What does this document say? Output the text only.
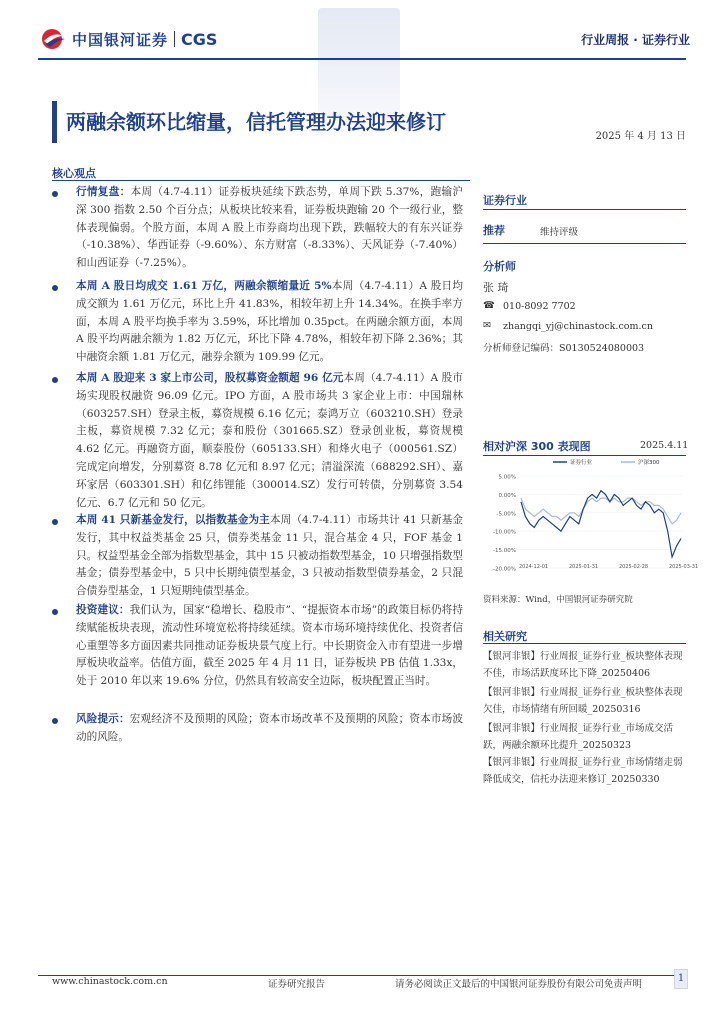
中国银河证券 CGS	行业周报 · 证券行业
两融余额环比缩量，信托管理办法迎来修订
2025 年 4 月 13 日
核心观点
行情复盘：本周（4.7-4.11）证券板块延续下跌态势，单周下跌 5.37%，跑输沪深 300 指数 2.50 个百分点；从板块比较来看，证券板块跑输 20 个一级行业，整体表现偏弱。个股方面，本周 A 股上市券商均出现下跌，跌幅较大的有东兴证券（-10.38%）、华西证券（-9.60%）、东方财富（-8.33%）、天风证券（-7.40%）和山西证券（-7.25%）。
本周 A 股日均成交 1.61 万亿，两融余额缩量近 5%本周（4.7-4.11）A 股日均成交额为 1.61 万亿元，环比上升 41.83%，相较年初上升 14.34%。在换手率方面，本周 A 股平均换手率为 3.59%，环比增加 0.35pct。在两融余额方面，本周 A 股平均两融余额为 1.82 万亿元，环比下降 4.78%，相较年初下降 2.36%；其中融资余额 1.81 万亿元，融券余额为 109.99 亿元。
本周 A 股迎来 3 家上市公司，股权募资金额超 96 亿元本周（4.7-4.11）A 股市场实现股权融资 96.09 亿元。IPO 方面，A 股市场共 3 家企业上市：中国瑞林（603257.SH）登录主板，募资规模 6.16 亿元；泰鸿万立（603210.SH）登录主板，募资规模 7.32 亿元；泰和股份（301665.SZ）登录创业板，募资规模 4.62 亿元。再融资方面，顺泰股份（605133.SH）和烽火电子（000561.SZ）完成定向增发，分别募资 8.78 亿元和 8.97 亿元；清溢深流（688292.SH）、嘉环家居（603301.SH）和亿纬锂能（300014.SZ）发行可转债，分别募资 3.54 亿元、6.7 亿元和 50 亿元。
本周 41 只新基金发行，以指数基金为主本周（4.7-4.11）市场共计 41 只新基金发行，其中权益类基金 25 只，债券类基金 11 只，混合基金 4 只，FOF 基金 1 只。权益型基金全部为指数型基金，其中 15 只被动指数型基金，10 只增强指数型基金；债券型基金中，5 只中长期纯债型基金，3 只被动指数型债券基金，2 只混合债券型基金，1 只短期纯债型基金。
投资建议：我们认为，国家“稳增长、稳股市”、“提振资本市场”的政策目标仍将持续赋能板块表现，流动性环境宽松将持续延续。资本市场环境持续优化、投资者信心重塑等多方面因素共同推动证券板块景气度上行。中长期资金入市有望进一步增厚板块收益率。估值方面，截至 2025 年 4 月 11 日，证券板块 PB 估值 1.33x，处于 2010 年以来 19.6% 分位，仍然具有较高安全边际，板块配置正当时。
风险提示：宏观经济不及预期的风险；资本市场改革不及预期的风险；资本市场波动的风险。
证券行业
推荐	维持评级
分析师
张 琦
☎ 010-8092 7702
✉ zhangqi_yj@chinastock.com.cn
分析师登记编码：S0130524080003
相对沪深 300 表现图	2025.4.11
5.00%
0.00%
-5.00%
-10.00%
-15.00%
-20.00% 2024-12-01	2025-01-31	2025-02-28	2025-03-31
证券行业	沪深300
资料来源：Wind，中国银河证券研究院
相关研究
【银河非银】行业周报_证券行业_板块整体表现不佳，市场活跃度环比下降_20250406
【银河非银】行业周报_证券行业_板块整体表现欠佳，市场情绪有所回暖_20250316
【银河非银】行业周报_证券行业_市场成交活跃，两融余额环比提升_20250323
【银河非银】行业周报_证券行业_市场情绪走弱降低成交，信托办法迎来修订_20250330
www.chinastock.com.cn	证券研究报告	请务必阅读正文最后的中国银河证券股份有限公司免责声明
1
